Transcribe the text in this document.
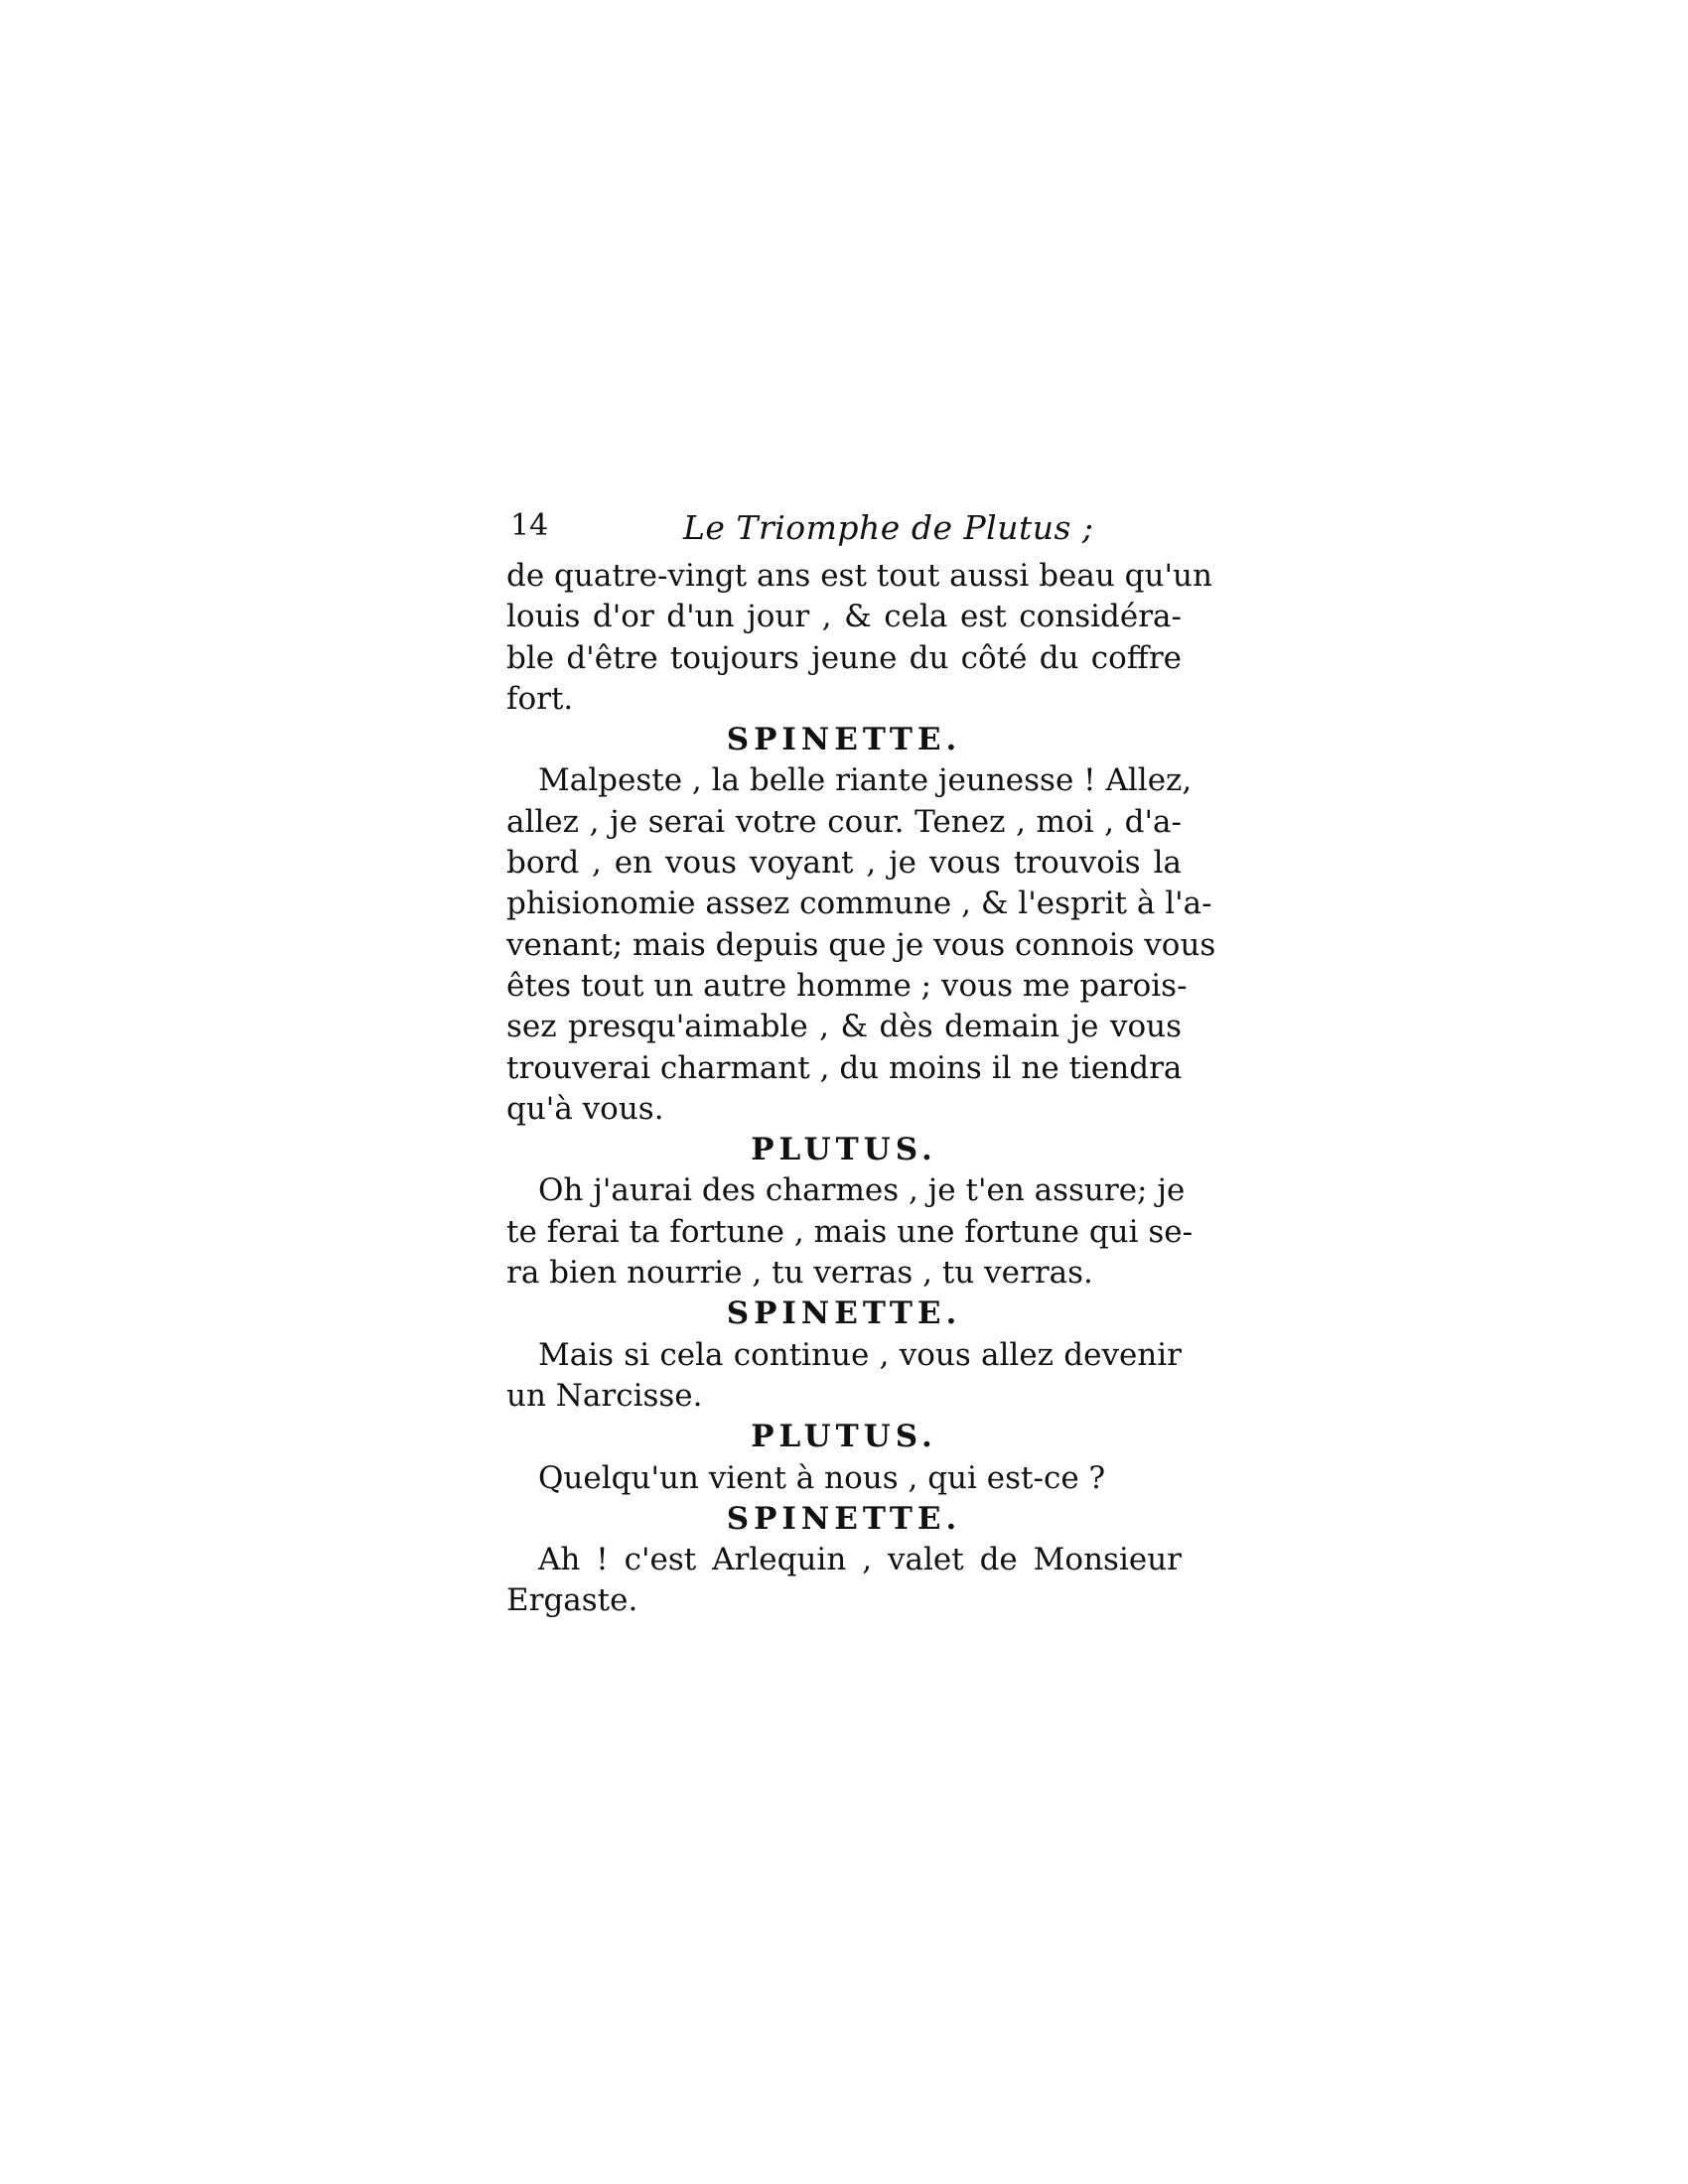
14	Le Triomphe de Plutus ;

de quatre-vingt ans est tout aussi beau qu'un
louis d'or d'un jour , & cela est considéra-
ble d'être toujours jeune du côté du coffre
fort.

SPINETTE.

Malpeste , la belle riante jeunesse ! Allez,
allez , je serai votre cour. Tenez , moi , d'a-
bord , en vous voyant , je vous trouvois la
phisionomie assez commune , & l'esprit à l'a-
venant; mais depuis que je vous connois vous
êtes tout un autre homme ; vous me parois-
sez presqu'aimable , & dès demain je vous
trouverai charmant , du moins il ne tiendra
qu'à vous.

PLUTUS.

Oh j'aurai des charmes , je t'en assure; je
te ferai ta fortune , mais une fortune qui se-
ra bien nourrie , tu verras , tu verras.

SPINETTE.

Mais si cela continue , vous allez devenir
un Narcisse.

PLUTUS.

Quelqu'un vient à nous , qui est-ce ?

SPINETTE.

Ah ! c'est Arlequin , valet de Monsieur
Ergaste.
